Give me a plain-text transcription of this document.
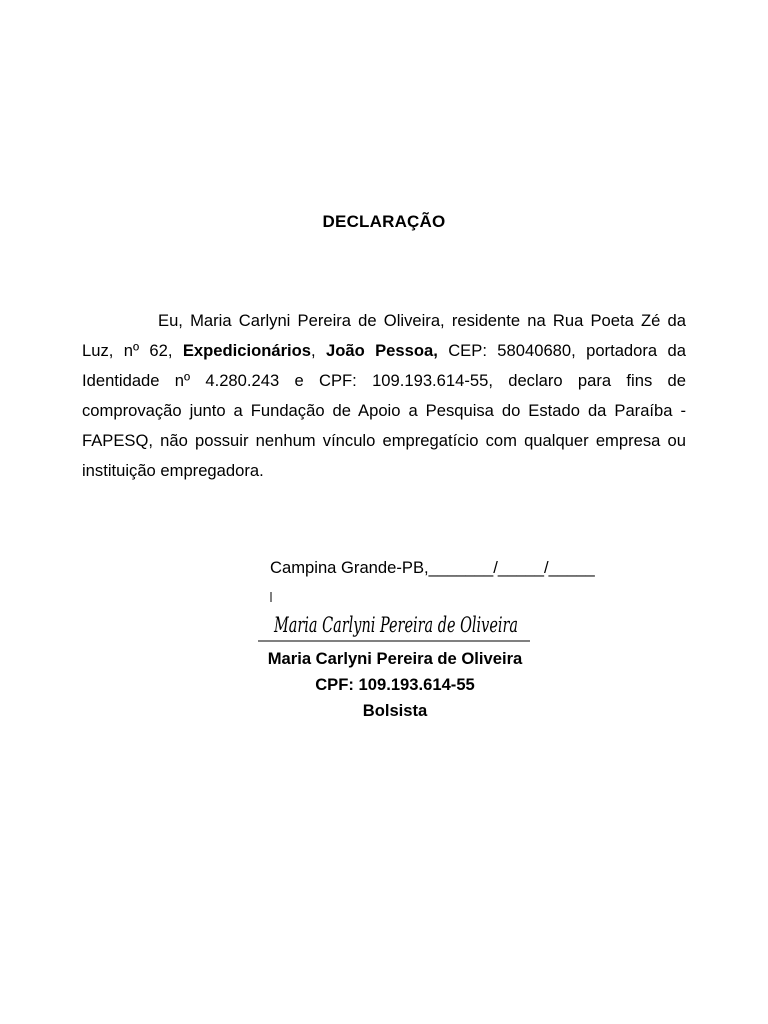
DECLARAÇÃO
Eu, Maria Carlyni Pereira de Oliveira, residente na Rua Poeta Zé da Luz, nº 62, Expedicionários, João Pessoa, CEP: 58040680, portadora da Identidade nº 4.280.243 e CPF: 109.193.614-55, declaro para fins de comprovação junto a Fundação de Apoio a Pesquisa do Estado da Paraíba - FAPESQ, não possuir nenhum vínculo empregatício com qualquer empresa ou instituição empregadora.
Campina Grande-PB,_______/_____/_____
Maria Carlyni Pereira de Oliveira
Maria Carlyni Pereira de Oliveira
CPF: 109.193.614-55
Bolsista
